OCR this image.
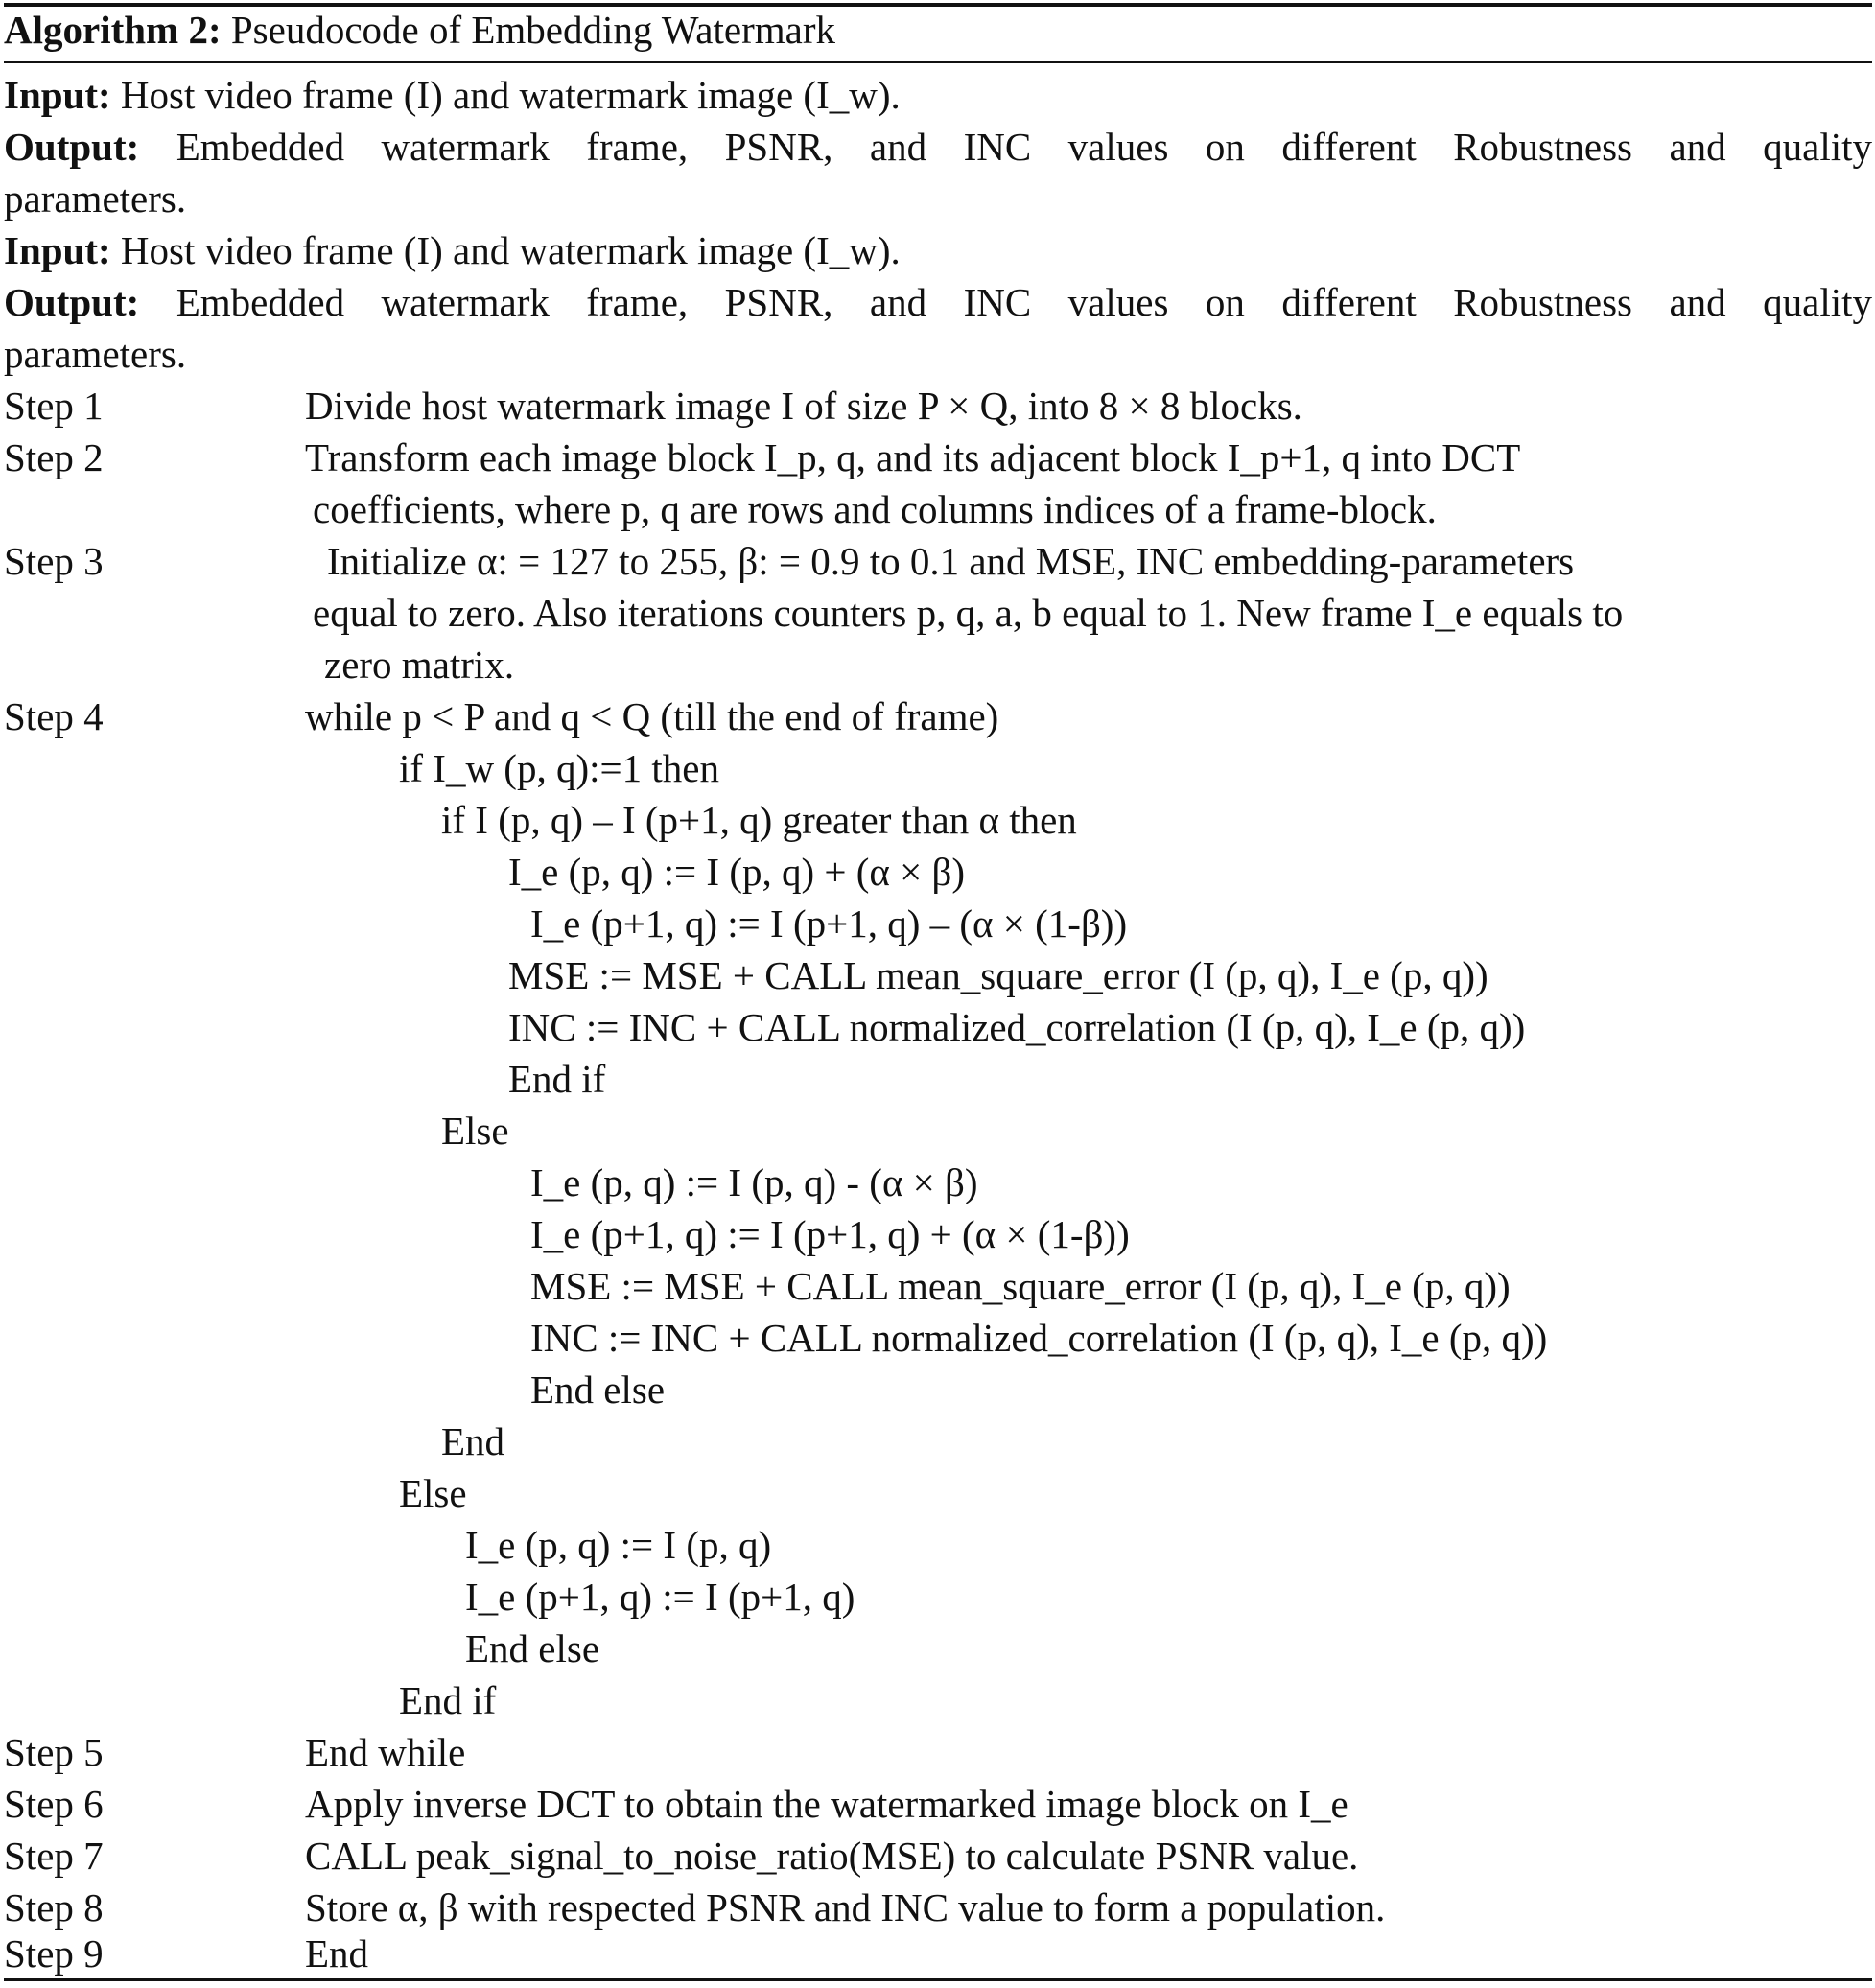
Algorithm 2: Pseudocode of Embedding Watermark
Input: Host video frame (I) and watermark image (I_w).
Output: Embedded watermark frame, PSNR, and INC values on different Robustness and quality
parameters.
Input: Host video frame (I) and watermark image (I_w).
Output: Embedded watermark frame, PSNR, and INC values on different Robustness and quality
parameters.
Step 1	Divide host watermark image I of size P × Q, into 8 × 8 blocks.
Step 2	Transform each image block I_p, q, and its adjacent block I_p+1, q into DCT
coefficients, where p, q are rows and columns indices of a frame-block.
Step 3	Initialize α: = 127 to 255, β: = 0.9 to 0.1 and MSE, INC embedding-parameters
equal to zero. Also iterations counters p, q, a, b equal to 1. New frame I_e equals to
zero matrix.
Step 4	while p < P and q < Q (till the end of frame)
if I_w (p, q):=1 then
if I (p, q) – I (p+1, q) greater than α then
I_e (p, q) := I (p, q) + (α × β)
I_e (p+1, q) := I (p+1, q) – (α × (1-β))
MSE := MSE + CALL mean_square_error (I (p, q), I_e (p, q))
INC := INC + CALL normalized_correlation (I (p, q), I_e (p, q))
End if
Else
I_e (p, q) := I (p, q) - (α × β)
I_e (p+1, q) := I (p+1, q) + (α × (1-β))
MSE := MSE + CALL mean_square_error (I (p, q), I_e (p, q))
INC := INC + CALL normalized_correlation (I (p, q), I_e (p, q))
End else
End
Else
I_e (p, q) := I (p, q)
I_e (p+1, q) := I (p+1, q)
End else
End if
Step 5	End while
Step 6	Apply inverse DCT to obtain the watermarked image block on I_e
Step 7	CALL peak_signal_to_noise_ratio(MSE) to calculate PSNR value.
Step 8	Store α, β with respected PSNR and INC value to form a population.
Step 9	End
